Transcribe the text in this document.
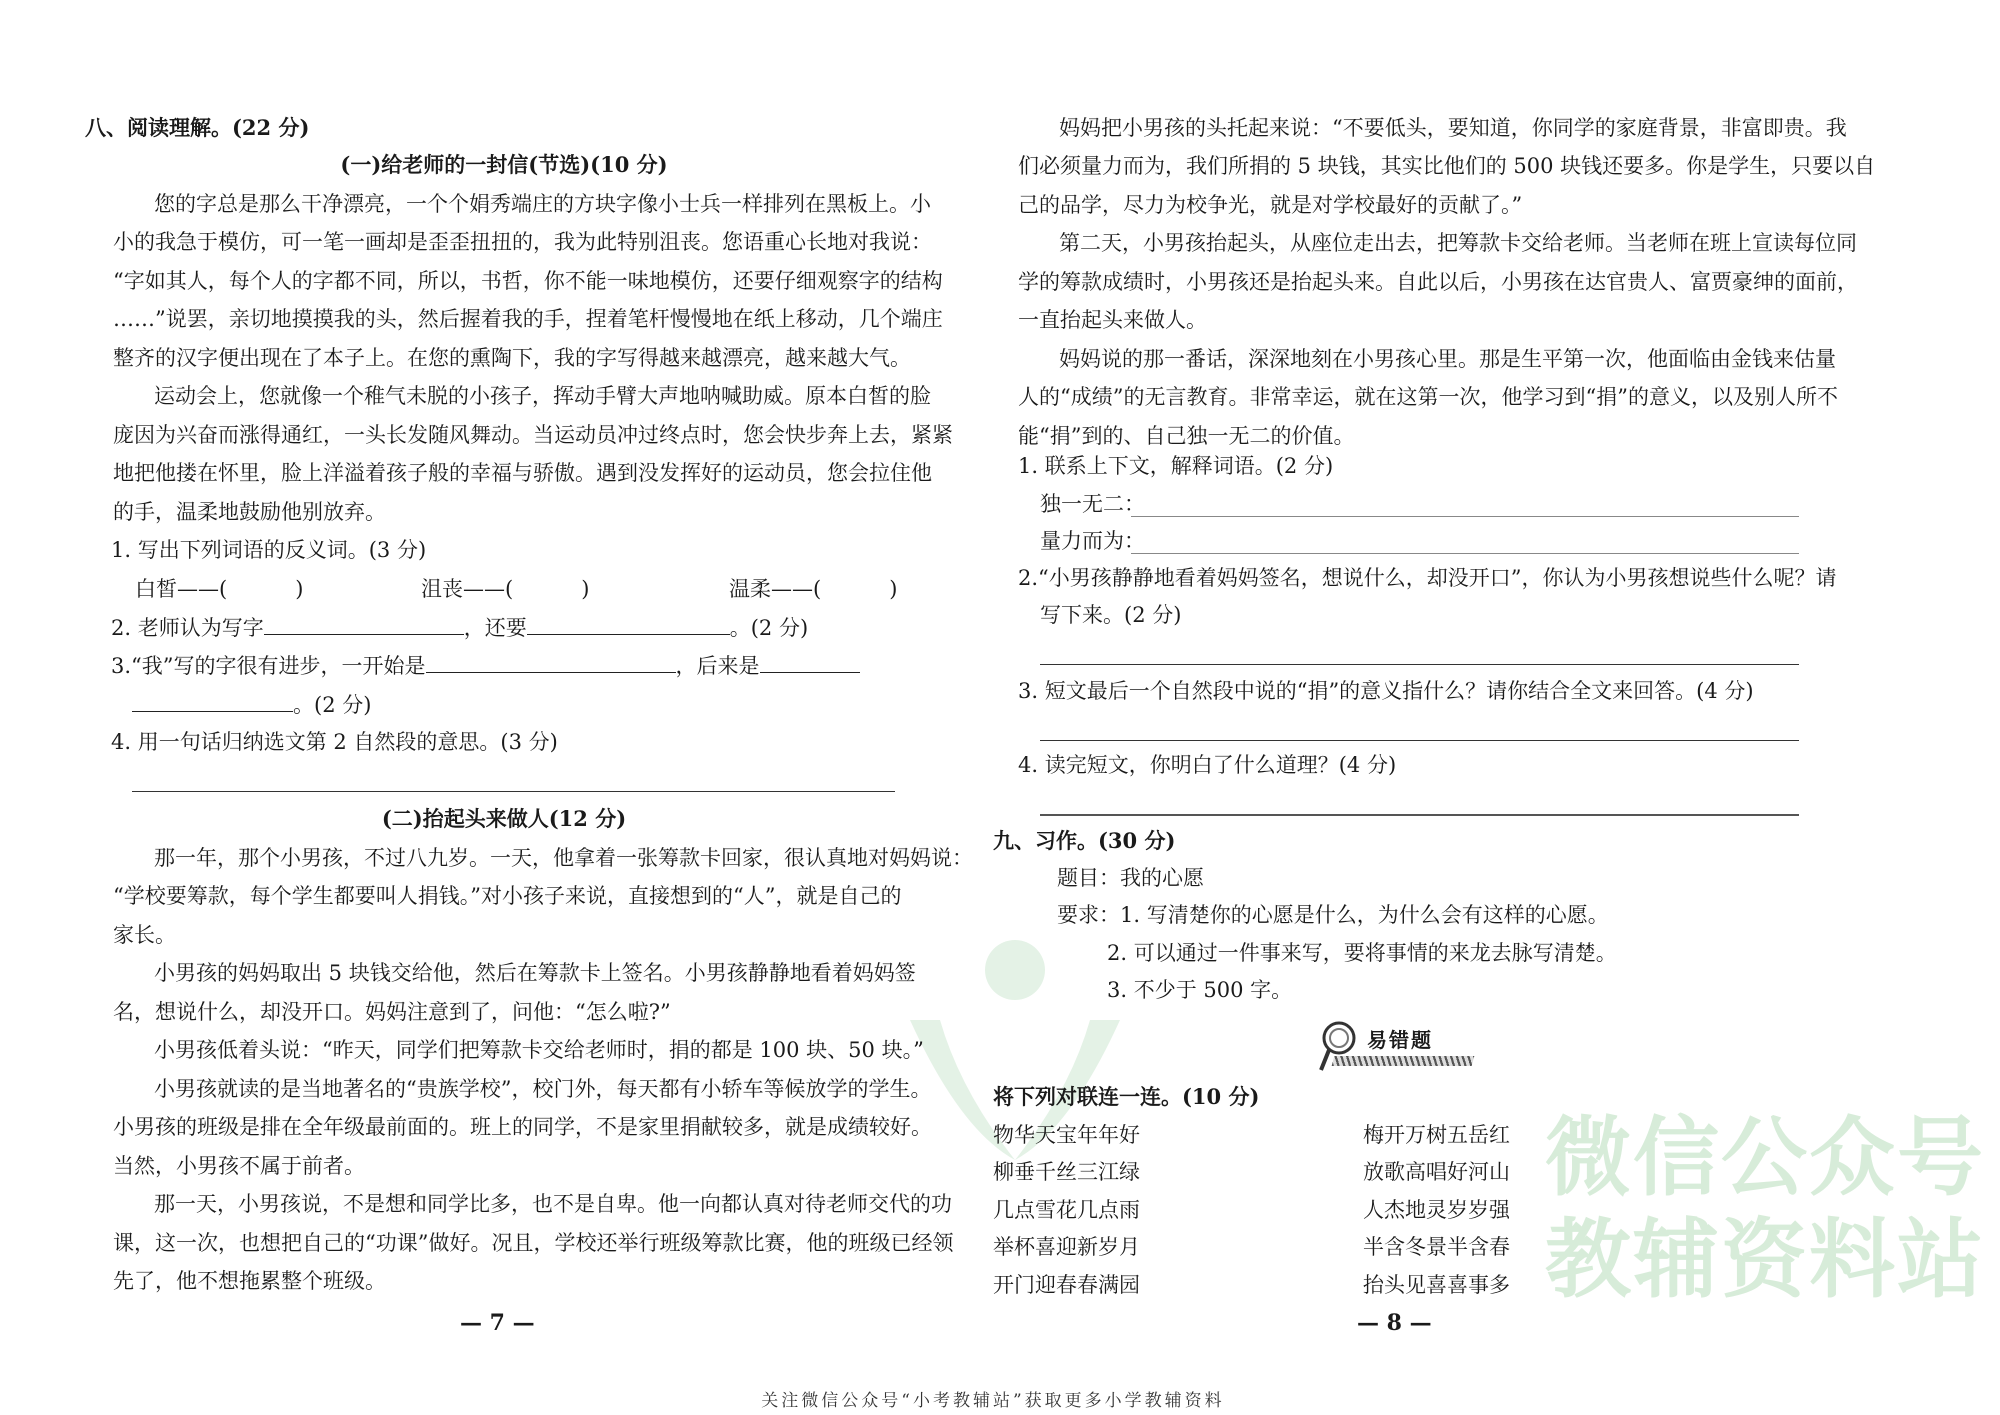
微信公众号
教辅资料站
八、阅读理解。(22 分)
(一)给老师的一封信(节选)(10 分)
您的字总是那么干净漂亮，一个个娟秀端庄的方块字像小士兵一样排列在黑板上。小
小的我急于模仿，可一笔一画却是歪歪扭扭的，我为此特别沮丧。您语重心长地对我说：
“字如其人，每个人的字都不同，所以，书哲，你不能一味地模仿，还要仔细观察字的结构
……”说罢，亲切地摸摸我的头，然后握着我的手，捏着笔杆慢慢地在纸上移动，几个端庄
整齐的汉字便出现在了本子上。在您的熏陶下，我的字写得越来越漂亮，越来越大气。
运动会上，您就像一个稚气未脱的小孩子，挥动手臂大声地呐喊助威。原本白皙的脸
庞因为兴奋而涨得通红，一头长发随风舞动。当运动员冲过终点时，您会快步奔上去，紧紧
地把他搂在怀里，脸上洋溢着孩子般的幸福与骄傲。遇到没发挥好的运动员，您会拉住他
的手，温柔地鼓励他别放弃。
1. 写出下列词语的反义词。(3 分)
白皙——(	)	沮丧——(	)	温柔——(	)
2. 老师认为写字	，还要	。(2 分)
3.“我”写的字很有进步，一开始是	，后来是
。(2 分)
4. 用一句话归纳选文第 2 自然段的意思。(3 分)
(二)抬起头来做人(12 分)
那一年，那个小男孩，不过八九岁。一天，他拿着一张筹款卡回家，很认真地对妈妈说：
“学校要筹款，每个学生都要叫人捐钱。”对小孩子来说，直接想到的“人”，就是自己的
家长。
小男孩的妈妈取出 5 块钱交给他，然后在筹款卡上签名。小男孩静静地看着妈妈签
名，想说什么，却没开口。妈妈注意到了，问他：“怎么啦?”
小男孩低着头说：“昨天，同学们把筹款卡交给老师时，捐的都是 100 块、50 块。”
小男孩就读的是当地著名的“贵族学校”，校门外，每天都有小轿车等候放学的学生。
小男孩的班级是排在全年级最前面的。班上的同学，不是家里捐献较多，就是成绩较好。
当然，小男孩不属于前者。
那一天，小男孩说，不是想和同学比多，也不是自卑。他一向都认真对待老师交代的功
课，这一次，也想把自己的“功课”做好。况且，学校还举行班级筹款比赛，他的班级已经领
先了，他不想拖累整个班级。
— 7 —
妈妈把小男孩的头托起来说：“不要低头，要知道，你同学的家庭背景，非富即贵。我
们必须量力而为，我们所捐的 5 块钱，其实比他们的 500 块钱还要多。你是学生，只要以自
己的品学，尽力为校争光，就是对学校最好的贡献了。”
第二天，小男孩抬起头，从座位走出去，把筹款卡交给老师。当老师在班上宣读每位同
学的筹款成绩时，小男孩还是抬起头来。自此以后，小男孩在达官贵人、富贾豪绅的面前，
一直抬起头来做人。
妈妈说的那一番话，深深地刻在小男孩心里。那是生平第一次，他面临由金钱来估量
人的“成绩”的无言教育。非常幸运，就在这第一次，他学习到“捐”的意义，以及别人所不
能“捐”到的、自己独一无二的价值。
1. 联系上下文，解释词语。(2 分)
独一无二：
量力而为：
2.“小男孩静静地看着妈妈签名，想说什么，却没开口”，你认为小男孩想说些什么呢？请
写下来。(2 分)
3. 短文最后一个自然段中说的“捐”的意义指什么？请你结合全文来回答。(4 分)
4. 读完短文，你明白了什么道理？(4 分)
九、习作。(30 分)
题目：我的心愿
要求：1. 写清楚你的心愿是什么，为什么会有这样的心愿。
2. 可以通过一件事来写，要将事情的来龙去脉写清楚。
3. 不少于 500 字。
易错题
将下列对联连一连。(10 分)
物华天宝年年好
柳垂千丝三江绿
几点雪花几点雨
举杯喜迎新岁月
开门迎春春满园
梅开万树五岳红
放歌高唱好河山
人杰地灵岁岁强
半含冬景半含春
抬头见喜喜事多
— 8 —
关注微信公众号“小考教辅站”获取更多小学教辅资料
